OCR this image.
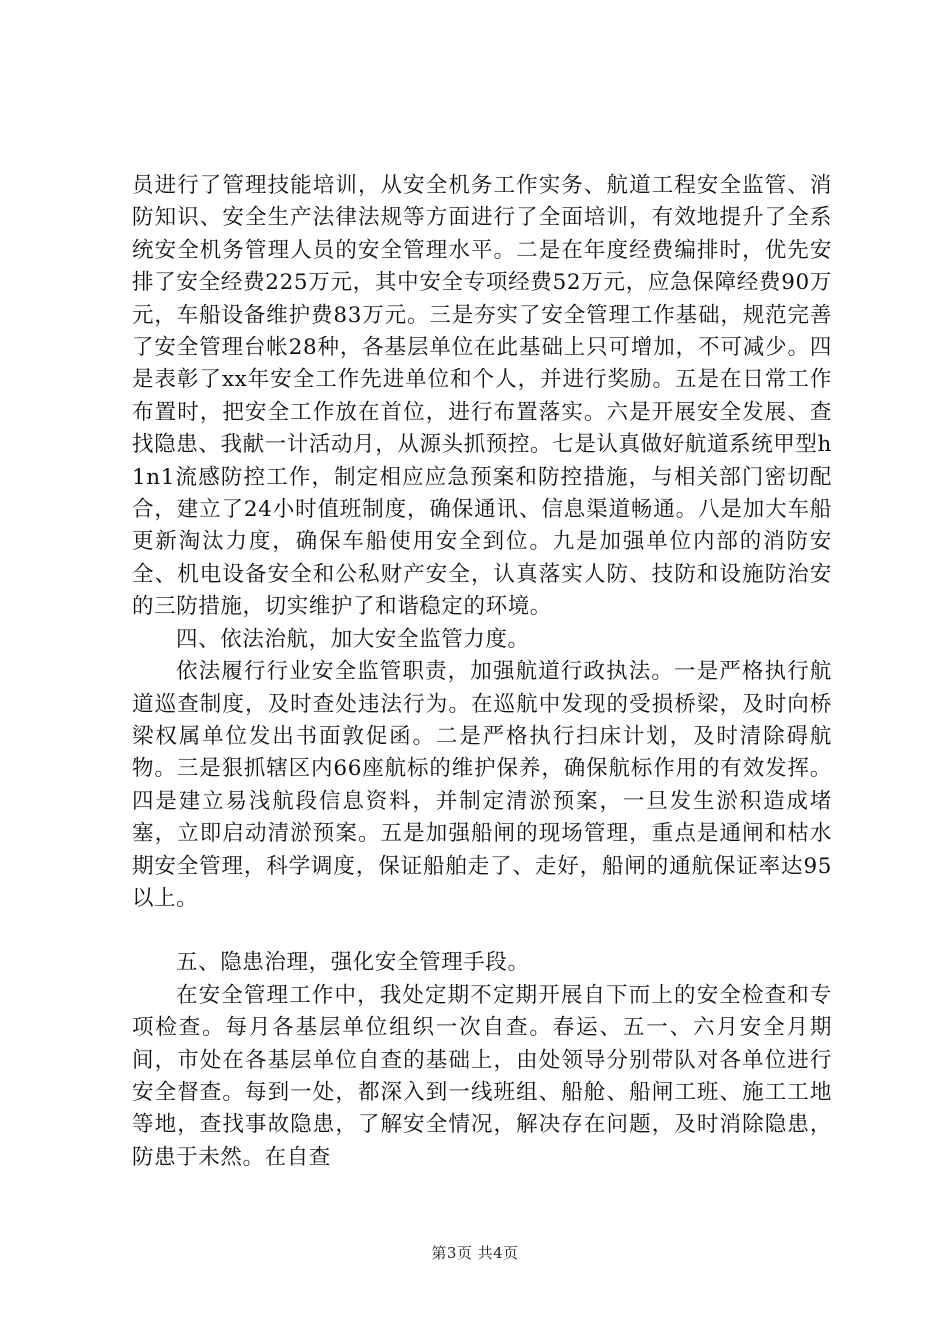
员进行了管理技能培训，从安全机务工作实务、航道工程安全监管、消防知识、安全生产法律法规等方面进行了全面培训，有效地提升了全系统安全机务管理人员的安全管理水平。二是在年度经费编排时，优先安排了安全经费225万元，其中安全专项经费52万元，应急保障经费90万元，车船设备维护费83万元。三是夯实了安全管理工作基础，规范完善了安全管理台帐28种，各基层单位在此基础上只可增加，不可减少。四是表彰了xx年安全工作先进单位和个人，并进行奖励。五是在日常工作布置时，把安全工作放在首位，进行布置落实。六是开展安全发展、查找隐患、我献一计活动月，从源头抓预控。七是认真做好航道系统甲型h1n1流感防控工作，制定相应应急预案和防控措施，与相关部门密切配合，建立了24小时值班制度，确保通讯、信息渠道畅通。八是加大车船更新淘汰力度，确保车船使用安全到位。九是加强单位内部的消防安全、机电设备安全和公私财产安全，认真落实人防、技防和设施防治安的三防措施，切实维护了和谐稳定的环境。

四、依法治航，加大安全监管力度。

依法履行行业安全监管职责，加强航道行政执法。一是严格执行航道巡查制度，及时查处违法行为。在巡航中发现的受损桥梁，及时向桥梁权属单位发出书面敦促函。二是严格执行扫床计划，及时清除碍航物。三是狠抓辖区内66座航标的维护保养，确保航标作用的有效发挥。四是建立易浅航段信息资料，并制定清淤预案，一旦发生淤积造成堵塞，立即启动清淤预案。五是加强船闸的现场管理，重点是通闸和枯水期安全管理，科学调度，保证船舶走了、走好，船闸的通航保证率达95以上。

五、隐患治理，强化安全管理手段。

在安全管理工作中，我处定期不定期开展自下而上的安全检查和专项检查。每月各基层单位组织一次自查。春运、五一、六月安全月期间，市处在各基层单位自查的基础上，由处领导分别带队对各单位进行安全督查。每到一处，都深入到一线班组、船舱、船闸工班、施工工地等地，查找事故隐患，了解安全情况，解决存在问题，及时消除隐患，防患于未然。在自查

第3页 共4页
